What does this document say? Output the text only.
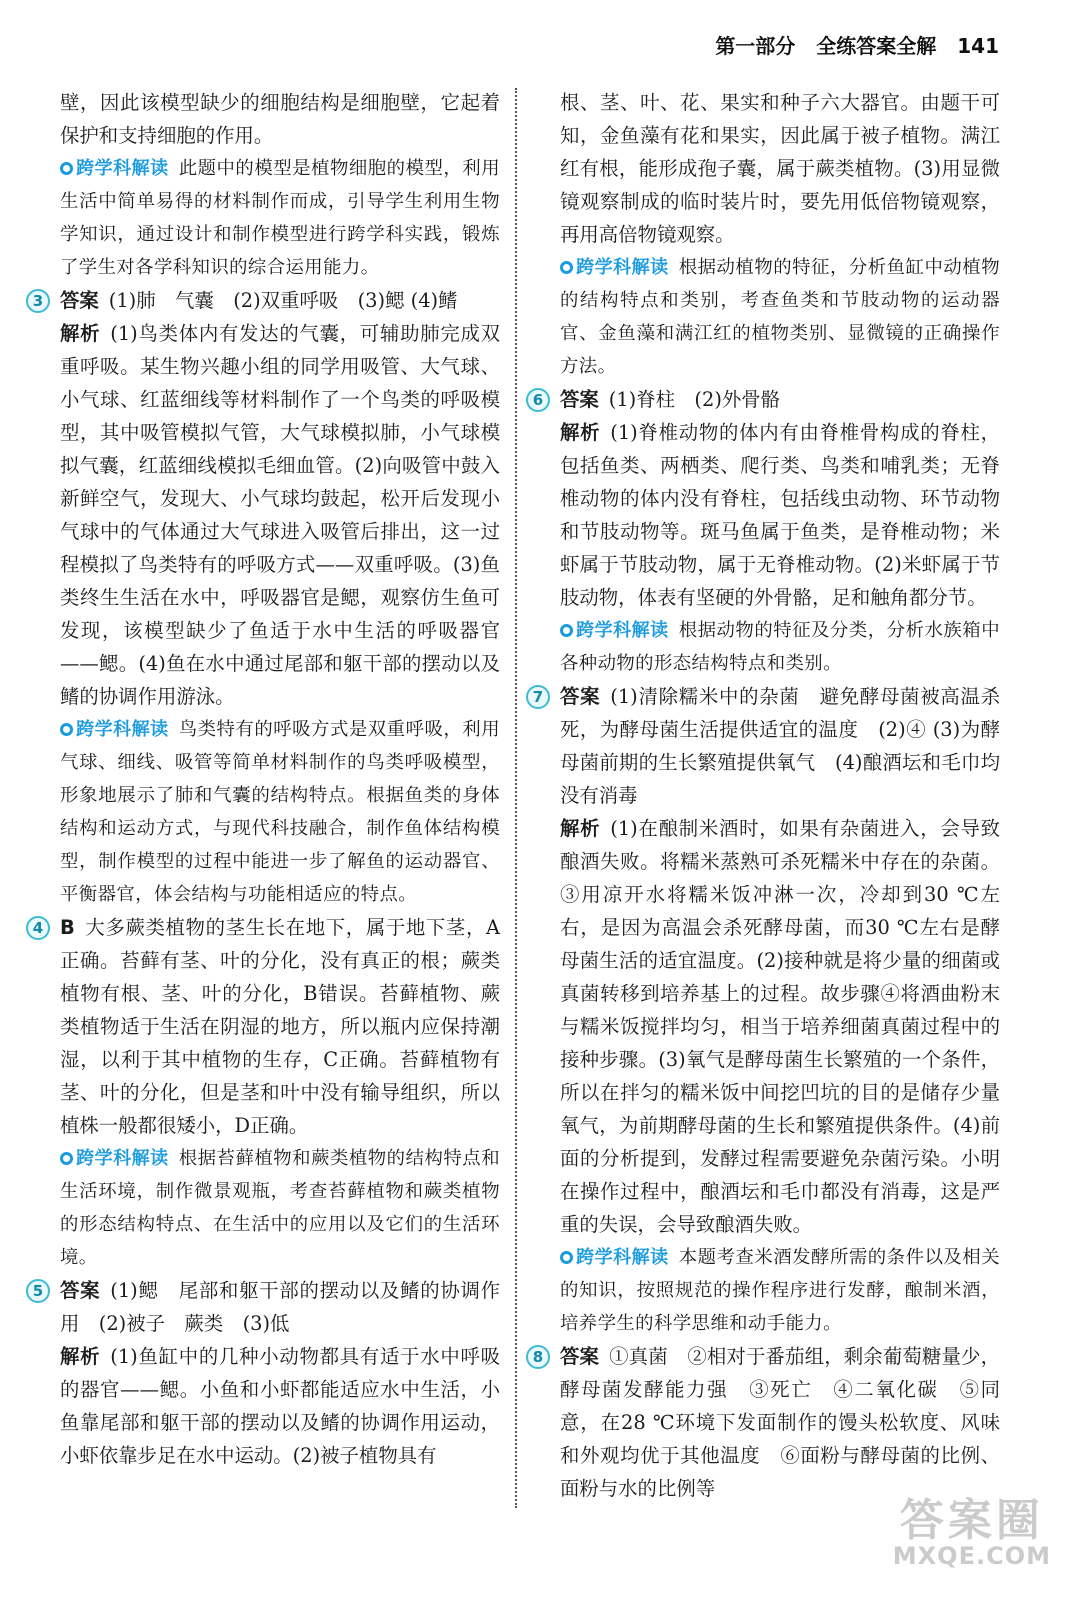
第一部分 全练答案全解 141

壁，因此该模型缺少的细胞结构是细胞壁，它起着保护和支持细胞的作用。

跨学科解读 此题中的模型是植物细胞的模型，利用生活中简单易得的材料制作而成，引导学生利用生物学知识，通过设计和制作模型进行跨学科实践，锻炼了学生对各学科知识的综合运用能力。

3 答案 (1)肺　气囊　(2)双重呼吸　(3)鳃 (4)鳍

解析 (1)鸟类体内有发达的气囊，可辅助肺完成双重呼吸。某生物兴趣小组的同学用吸管、大气球、小气球、红蓝细线等材料制作了一个鸟类的呼吸模型，其中吸管模拟气管，大气球模拟肺，小气球模拟气囊，红蓝细线模拟毛细血管。(2)向吸管中鼓入新鲜空气，发现大、小气球均鼓起，松开后发现小气球中的气体通过大气球进入吸管后排出，这一过程模拟了鸟类特有的呼吸方式——双重呼吸。(3)鱼类终生生活在水中，呼吸器官是鳃，观察仿生鱼可发现，该模型缺少了鱼适于水中生活的呼吸器官——鳃。(4)鱼在水中通过尾部和躯干部的摆动以及鳍的协调作用游泳。

跨学科解读 鸟类特有的呼吸方式是双重呼吸，利用气球、细线、吸管等简单材料制作的鸟类呼吸模型，形象地展示了肺和气囊的结构特点。根据鱼类的身体结构和运动方式，与现代科技融合，制作鱼体结构模型，制作模型的过程中能进一步了解鱼的运动器官、平衡器官，体会结构与功能相适应的特点。

4 B 大多蕨类植物的茎生长在地下，属于地下茎，A正确。苔藓有茎、叶的分化，没有真正的根；蕨类植物有根、茎、叶的分化，B错误。苔藓植物、蕨类植物适于生活在阴湿的地方，所以瓶内应保持潮湿，以利于其中植物的生存，C正确。苔藓植物有茎、叶的分化，但是茎和叶中没有输导组织，所以植株一般都很矮小，D正确。

跨学科解读 根据苔藓植物和蕨类植物的结构特点和生活环境，制作微景观瓶，考查苔藓植物和蕨类植物的形态结构特点、在生活中的应用以及它们的生活环境。

5 答案 (1)鳃　尾部和躯干部的摆动以及鳍的协调作用　(2)被子　蕨类　(3)低

解析 (1)鱼缸中的几种小动物都具有适于水中呼吸的器官——鳃。小鱼和小虾都能适应水中生活，小鱼靠尾部和躯干部的摆动以及鳍的协调作用运动，小虾依靠步足在水中运动。(2)被子植物具有

根、茎、叶、花、果实和种子六大器官。由题干可知，金鱼藻有花和果实，因此属于被子植物。满江红有根，能形成孢子囊，属于蕨类植物。(3)用显微镜观察制成的临时装片时，要先用低倍物镜观察，再用高倍物镜观察。

跨学科解读 根据动植物的特征，分析鱼缸中动植物的结构特点和类别，考查鱼类和节肢动物的运动器官、金鱼藻和满江红的植物类别、显微镜的正确操作方法。

6 答案 (1)脊柱　(2)外骨骼

解析 (1)脊椎动物的体内有由脊椎骨构成的脊柱，包括鱼类、两栖类、爬行类、鸟类和哺乳类；无脊椎动物的体内没有脊柱，包括线虫动物、环节动物和节肢动物等。斑马鱼属于鱼类，是脊椎动物；米虾属于节肢动物，属于无脊椎动物。(2)米虾属于节肢动物，体表有坚硬的外骨骼，足和触角都分节。

跨学科解读 根据动物的特征及分类，分析水族箱中各种动物的形态结构特点和类别。

7 答案 (1)清除糯米中的杂菌　避免酵母菌被高温杀死，为酵母菌生活提供适宜的温度　(2)④ (3)为酵母菌前期的生长繁殖提供氧气　(4)酿酒坛和毛巾均没有消毒

解析 (1)在酿制米酒时，如果有杂菌进入，会导致酿酒失败。将糯米蒸熟可杀死糯米中存在的杂菌。③用凉开水将糯米饭冲淋一次，冷却到30 ℃左右，是因为高温会杀死酵母菌，而30 ℃左右是酵母菌生活的适宜温度。(2)接种就是将少量的细菌或真菌转移到培养基上的过程。故步骤④将酒曲粉末与糯米饭搅拌均匀，相当于培养细菌真菌过程中的接种步骤。(3)氧气是酵母菌生长繁殖的一个条件，所以在拌匀的糯米饭中间挖凹坑的目的是储存少量氧气，为前期酵母菌的生长和繁殖提供条件。(4)前面的分析提到，发酵过程需要避免杂菌污染。小明在操作过程中，酿酒坛和毛巾都没有消毒，这是严重的失误，会导致酿酒失败。

跨学科解读 本题考查米酒发酵所需的条件以及相关的知识，按照规范的操作程序进行发酵，酿制米酒，培养学生的科学思维和动手能力。

8 答案 ①真菌　②相对于番茄组，剩余葡萄糖量少，酵母菌发酵能力强　③死亡　④二氧化碳　⑤同意，在28 ℃环境下发面制作的馒头松软度、风味和外观均优于其他温度　⑥面粉与酵母菌的比例、面粉与水的比例等

答案圈
MXQE.COM
